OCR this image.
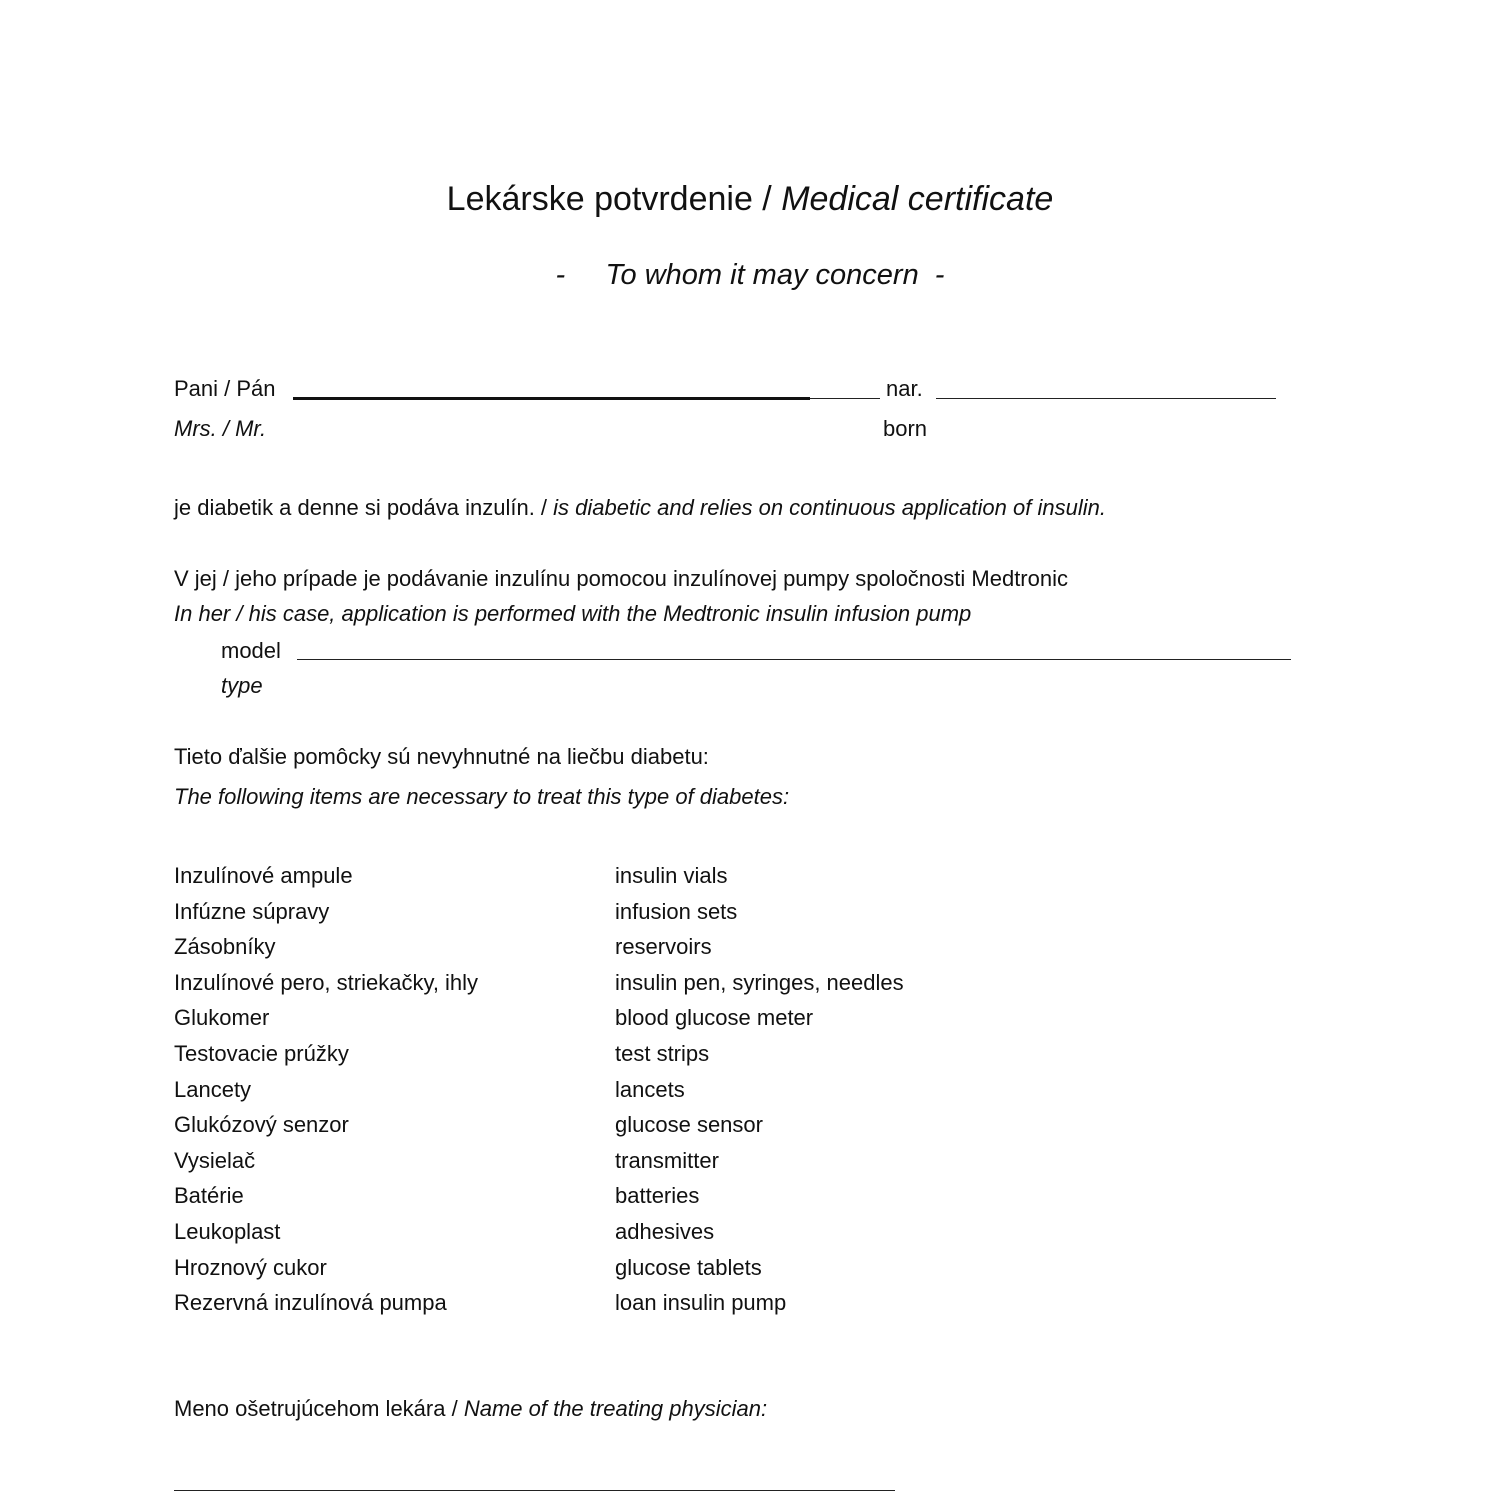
Lekárske potvrdenie / Medical certificate
-     To whom it may concern  -
Pani / Pán	nar.
Mrs. / Mr.	born
je diabetik a denne si podáva inzulín. / is diabetic and relies on continuous application of insulin.
V jej / jeho prípade je podávanie inzulínu pomocou inzulínovej pumpy spoločnosti Medtronic
In her / his case, application is performed with the Medtronic insulin infusion pump
model
type
Tieto ďalšie pomôcky sú nevyhnutné na liečbu diabetu:
The following items are necessary to treat this type of diabetes:
Inzulínové ampule	insulin vials
Infúzne súpravy	infusion sets
Zásobníky	reservoirs
Inzulínové pero, striekačky, ihly	insulin pen, syringes, needles
Glukomer	blood glucose meter
Testovacie prúžky	test strips
Lancety	lancets
Glukózový senzor	glucose sensor
Vysielač	transmitter
Batérie	batteries
Leukoplast	adhesives
Hroznový cukor	glucose tablets
Rezervná inzulínová pumpa	loan insulin pump
Meno ošetrujúcehom lekára / Name of the treating physician:
